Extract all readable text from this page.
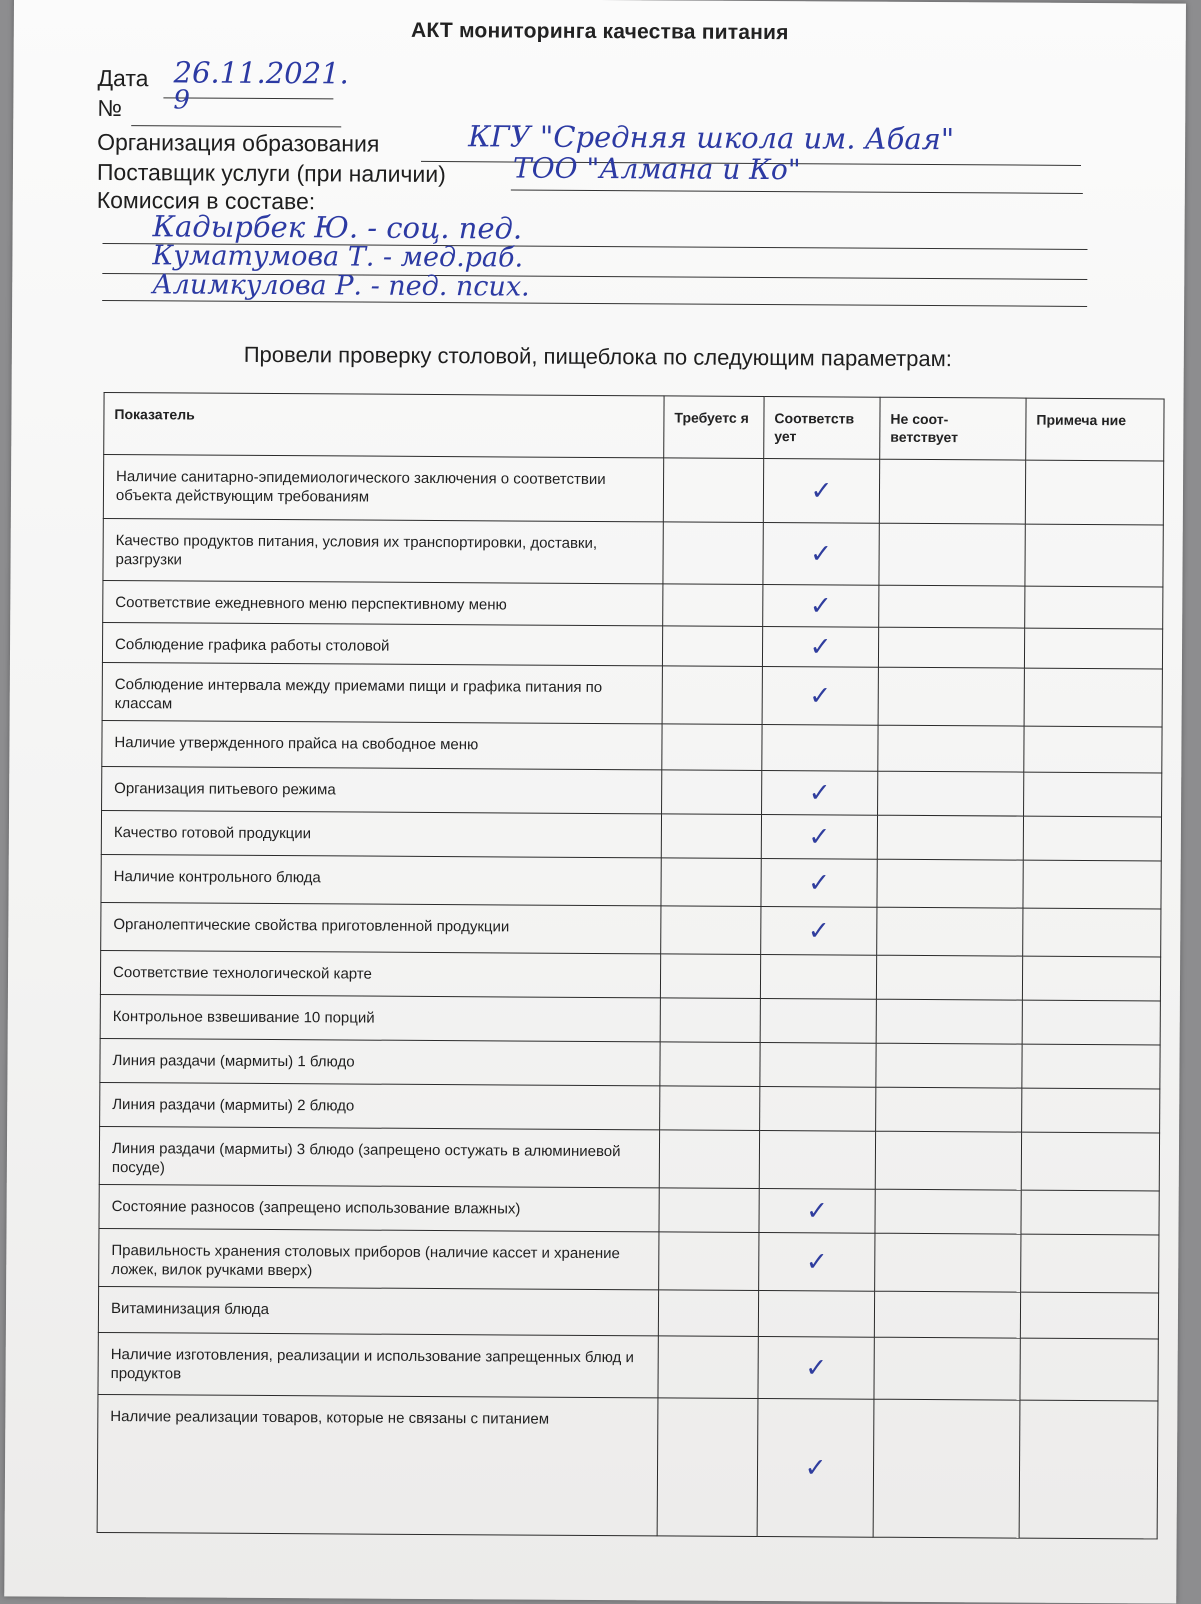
АКТ мониторинга качества питания
Дата 26.11.2021.
№ 9
Организация образования	КГУ "Средняя школа им. Абая"
Поставщик услуги (при наличии) ТОО "Алмана и Ко"
Комиссия в составе:
Кадырбек Ю. - соц. пед.
Куматумова Т. - мед.раб.
Алимкулова Р. - пед. псих.
Провели проверку столовой, пищеблока по следующим параметрам:
Показатель	Требуетс я	Соответств ует	Не соот- ветствует	Примеча ние
Наличие санитарно-эпидемиологического заключения о соответствии объекта действующим требованиям		✓		
Качество продуктов питания, условия их транспортировки, доставки, разгрузки		✓		
Соответствие ежедневного меню перспективному меню		✓		
Соблюдение графика работы столовой		✓		
Соблюдение интервала между приемами пищи и графика питания по классам		✓		
Наличие утвержденного прайса на свободное меню				
Организация питьевого режима		✓		
Качество готовой продукции		✓		
Наличие контрольного блюда		✓		
Органолептические свойства приготовленной продукции		✓		
Соответствие технологической карте				
Контрольное взвешивание 10 порций				
Линия раздачи (мармиты) 1 блюдо				
Линия раздачи (мармиты) 2 блюдо				
Линия раздачи (мармиты) 3 блюдо (запрещено остужать в алюминиевой посуде)				
Состояние разносов (запрещено использование влажных)		✓		
Правильность хранения столовых приборов (наличие кассет и хранение ложек, вилок ручками вверх)		✓		
Витаминизация блюда				
Наличие изготовления, реализации и использование запрещенных блюд и продуктов		✓		
Наличие реализации товаров, которые не связаны с питанием		✓		
